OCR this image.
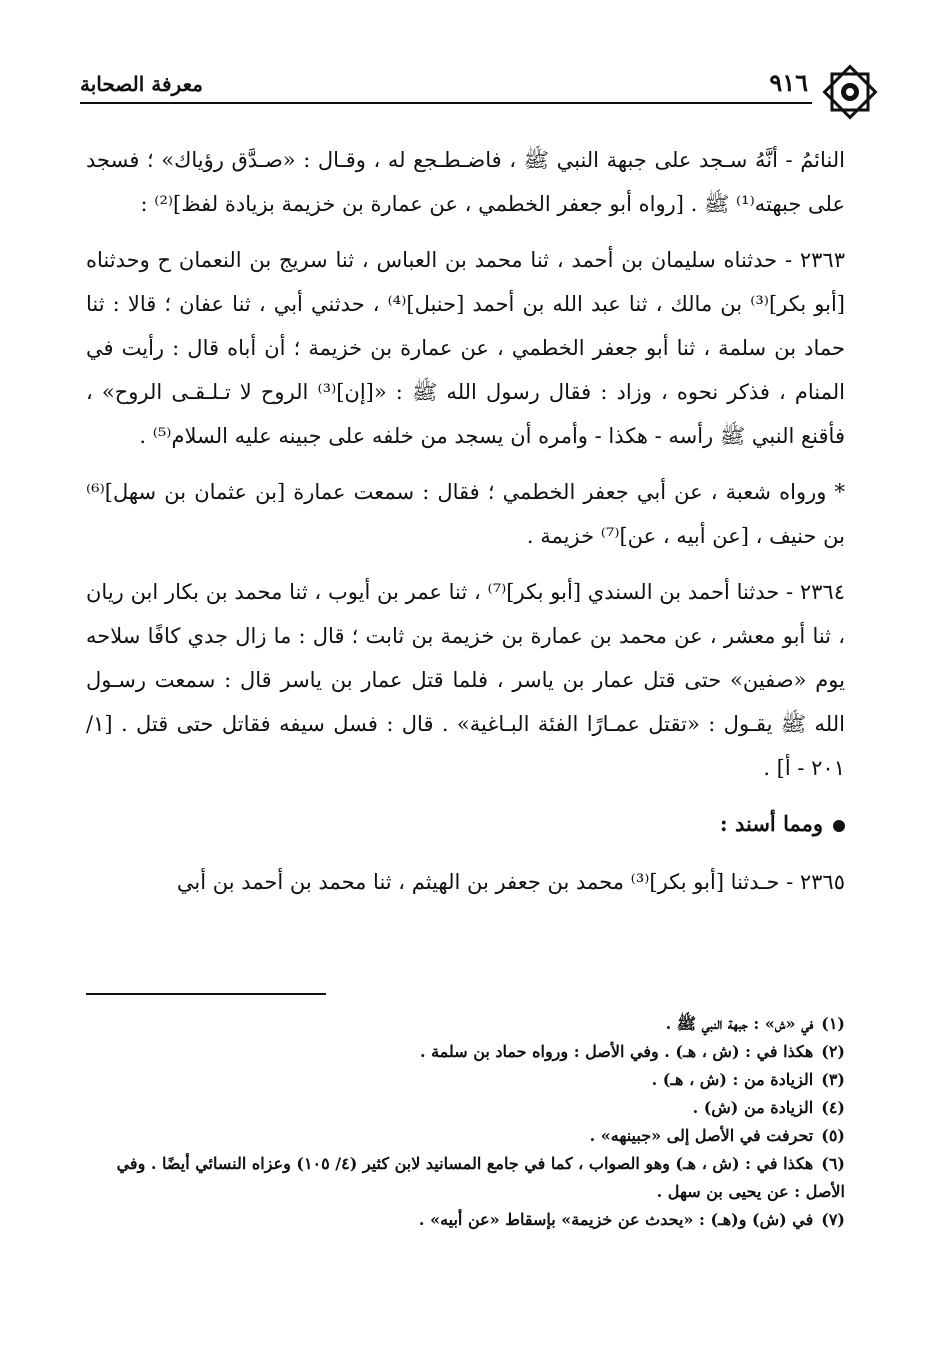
٩١٦
معرفة الصحابة

النائمُ - أنَّهُ سـجد على جبهة النبي ﷺ ، فاضـطـجع له ، وقـال : «صـدَّق رؤياك» ؛ فسجد على جبهته⁽¹⁾ ﷺ . [رواه أبو جعفر الخطمي ، عن عمارة بن خزيمة بزيادة لفظ]⁽²⁾ :

٢٣٦٣ - حدثناه سليمان بن أحمد ، ثنا محمد بن العباس ، ثنا سريج بن النعمان ح وحدثناه [أبو بكر]⁽³⁾ بن مالك ، ثنا عبد الله بن أحمد [حنبل]⁽⁴⁾ ، حدثني أبي ، ثنا عفان ؛ قالا : ثنا حماد بن سلمة ، ثنا أبو جعفر الخطمي ، عن عمارة بن خزيمة ؛ أن أباه قال : رأيت في المنام ، فذكر نحوه ، وزاد : فقال رسول الله ﷺ : «[إن]⁽³⁾ الروح لا تـلـقـى الروح» ، فأقنع النبي ﷺ رأسه - هكذا - وأمره أن يسجد من خلفه على جبينه عليه السلام⁽⁵⁾ .

* ورواه شعبة ، عن أبي جعفر الخطمي ؛ فقال : سمعت عمارة [بن عثمان بن سهل]⁽⁶⁾ بن حنيف ، [عن أبيه ، عن]⁽⁷⁾ خزيمة .

٢٣٦٤ - حدثنا أحمد بن السندي [أبو بكر]⁽⁷⁾ ، ثنا عمر بن أيوب ، ثنا محمد بن بكار ابن ريان ، ثنا أبو معشر ، عن محمد بن عمارة بن خزيمة بن ثابت ؛ قال : ما زال جدي كافًا سلاحه يوم «صفين» حتى قتل عمار بن ياسر ، فلما قتل عمار بن ياسر قال : سمعت رسـول الله ﷺ يقـول : «تقتل عمـارًا الفئة البـاغية» . قال : فسل سيفه فقاتل حتى قتل . [١/ ٢٠١ - أ] .

ومما أسند :

٢٣٦٥ - حـدثنا [أبو بكر]⁽³⁾ محمد بن جعفر بن الهيثم ، ثنا محمد بن أحمد بن أبي

(١)في «ش» : جبهة النبي ﷺ .

(٢)هكذا في : (ش ، هـ) . وفي الأصل : ورواه حماد بن سلمة .

(٣)الزيادة من : (ش ، هـ) .

(٤)الزيادة من (ش) .

(٥)تحرفت في الأصل إلى «جبينهه» .

(٦)هكذا في : (ش ، هـ) وهو الصواب ، كما في جامع المسانيد لابن كثير (٤/ ١٠٥) وعزاه النسائي أيضًا . وفي الأصل : عن يحيى بن سهل .

(٧)في (ش) و(هـ) : «يحدث عن خزيمة» بإسقاط «عن أبيه» .
